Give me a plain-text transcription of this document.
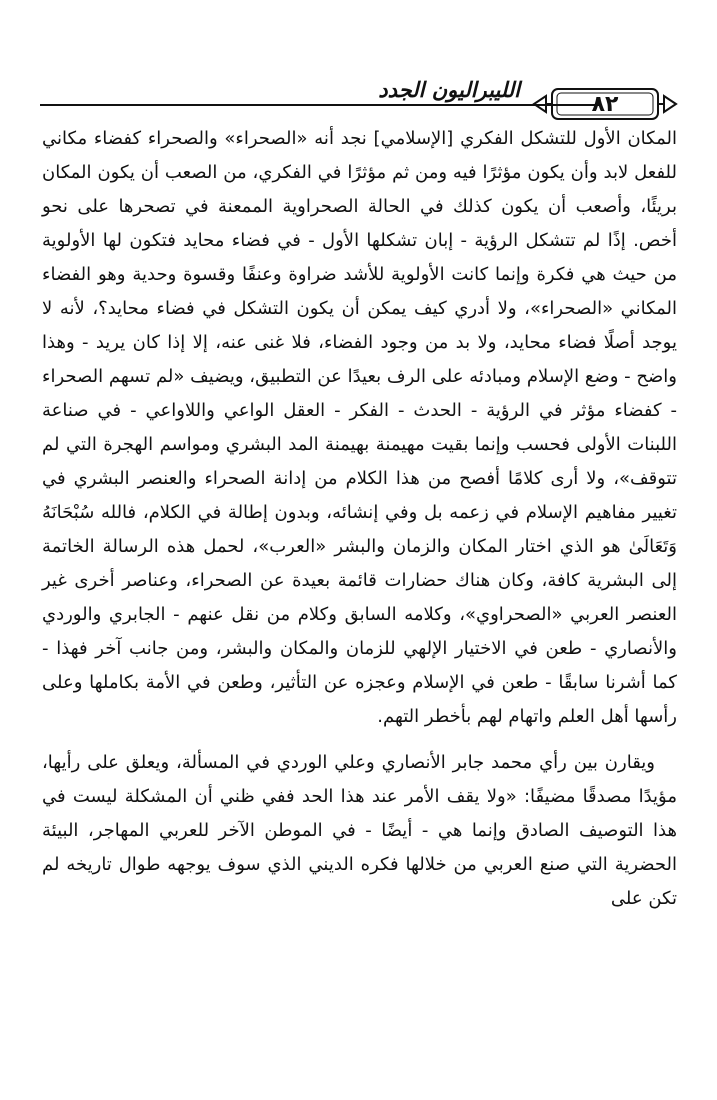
الليبراليون الجدد
٨٢

المكان الأول للتشكل الفكري [الإسلامي] نجد أنه «الصحراء» والصحراء كفضاء مكاني للفعل لابد وأن يكون مؤثرًا فيه ومن ثم مؤثرًا في الفكري، من الصعب أن يكون المكان بريئًا، وأصعب أن يكون كذلك في الحالة الصحراوية الممعنة في تصحرها على نحو أخص. إذًا لم تتشكل الرؤية - إبان تشكلها الأول - في فضاء محايد فتكون لها الأولوية من حيث هي فكرة وإنما كانت الأولوية للأشد ضراوة وعنفًا وقسوة وحدية وهو الفضاء المكاني «الصحراء»، ولا أدري كيف يمكن أن يكون التشكل في فضاء محايد؟، لأنه لا يوجد أصلًا فضاء محايد، ولا بد من وجود الفضاء، فلا غنى عنه، إلا إذا كان يريد - وهذا واضح - وضع الإسلام ومبادئه على الرف بعيدًا عن التطبيق، ويضيف «لم تسهم الصحراء - كفضاء مؤثر في الرؤية - الحدث - الفكر - العقل الواعي واللاواعي - في صناعة اللبنات الأولى فحسب وإنما بقيت مهيمنة بهيمنة المد البشري ومواسم الهجرة التي لم تتوقف»، ولا أرى كلامًا أفصح من هذا الكلام من إدانة الصحراء والعنصر البشري في تغيير مفاهيم الإسلام في زعمه بل وفي إنشائه، وبدون إطالة في الكلام، فالله سُبْحَانَهُ وَتَعَالَىٰ هو الذي اختار المكان والزمان والبشر «العرب»، لحمل هذه الرسالة الخاتمة إلى البشرية كافة، وكان هناك حضارات قائمة بعيدة عن الصحراء، وعناصر أخرى غير العنصر العربي «الصحراوي»، وكلامه السابق وكلام من نقل عنهم - الجابري والوردي والأنصاري - طعن في الاختيار الإلهي للزمان والمكان والبشر، ومن جانب آخر فهذا - كما أشرنا سابقًا - طعن في الإسلام وعجزه عن التأثير، وطعن في الأمة بكاملها وعلى رأسها أهل العلم واتهام لهم بأخطر التهم.

ويقارن بين رأي محمد جابر الأنصاري وعلي الوردي في المسألة، ويعلق على رأيها، مؤيدًا مصدقًا مضيفًا: «ولا يقف الأمر عند هذا الحد ففي ظني أن المشكلة ليست في هذا التوصيف الصادق وإنما هي - أيضًا - في الموطن الآخر للعربي المهاجر، البيئة الحضرية التي صنع العربي من خلالها فكره الديني الذي سوف يوجهه طوال تاريخه لم تكن على
